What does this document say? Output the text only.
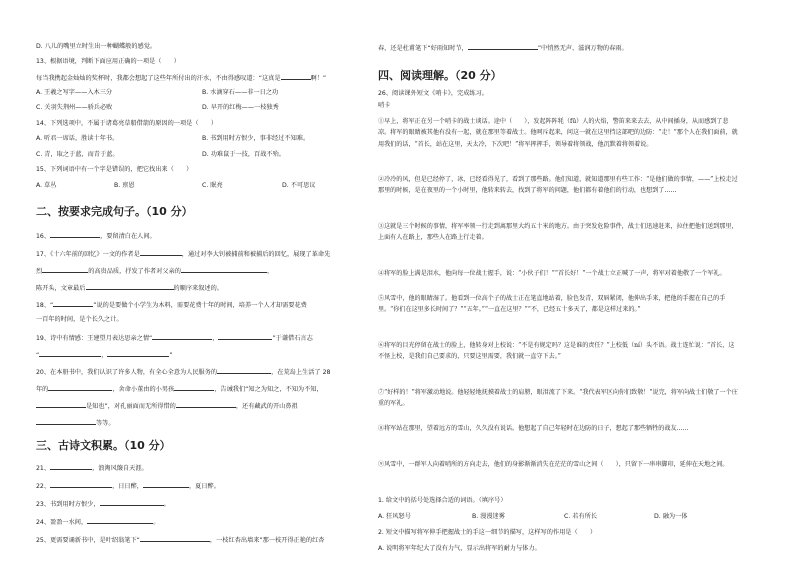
D. 八儿的嘴里立时生出一种蝴蝶般的感觉。
13、根据语境，判断下面应用正确的一项是（　　）
每当我携起金灿灿的奖杯时，我都会想起了这些年所付出的汗水，不由得感叹道：“这真是	啊！”
A. 王羲之写字——入木三分	B. 水滴穿石——非一日之功
C. 关羽失荆州——骄兵必败	D. 早开的红梅——一枝独秀
14、下列选项中，不属于诸葛亮草船借箭的原因的一项是（　　）
A. 听君一席话，胜读十年书。	B. 书到用时方恨少，事非经过不知难。
C. 青，取之于蓝，而青于蓝。	D. 功难鼠于一技，百战不殆。
15、下列词语中有一个字是错误的，把它找出来（　　）
A. 草丛	B. 禀恩	C. 眠亮	D. 不可思议
二、按要求完成句子。（10 分）
16、	，要留清白在人间。
17、《十六年前的回忆》一文的作者是	，通过对李大钊被捕前和被捕后的回忆，展现了革命先
烈	的高贵品质，抒发了作者对父亲的	，
陈开头，文章最后	的顺序来叙述的。
18、“	”说的是要做个小学生为木料，需要花费十年的时间，培养一个人才却需要花费
一百年的时间，是个长久之计。
19、诗中有情感：王建望月表达思亲之情“	，	”于谦借石言志
“	，	”
20、在本册书中，我们认识了许多人物，有全心全意为人民服务的	，在荒岛上生活了 28
年的	，舍命小董由的小男孩	，告诫我们“知之为知之，不知为不知，
是知也”，对孔丽面而无所得惜的	，还有藏武的开山鼻祖
等等。
三、古诗文积累。（10 分）
21、	，浪淘风簸自天涯。
22、	，日日醉，	，夏日醉。
23、书到用时方恨少，	。
24、盈盈一水间，	。
25、更需要诵新书中，是叶绍翁笔下“	，一枝红杏出墙来”那一枝开得正艳的红杏
春，还是杜甫笔下“好雨知时节，	”中悄然无声、滋润万物的春雨。
四、阅读理解。（20 分）
26、阅读课外短文《哨卡》，完成练习。
哨卡
①早上，将军正在另一个哨卡的战士谈话。途中（　　），发起阵阵牦（fū）人的火焰，警笛来来去去，从中间插身，从而感到了悲凉。将军的眼睛被其他有没有一起，就在那里等着战士。他呵斥起来，问这一就在这里挡这部吧的边防：“走！”那个人在我们面前，就用我们的话，“首长，站在这里，天太冷，下次吧！”将军挥挥手，领导着将领战，他沉默着将领着说。
②冷冷的风，但是已经停了，冰，已经看得见了，看到了那些路。他们知道，就知道那里有些工作：“是他们做的事情，——”上校走过那里的时候，是在夜里的一个小时里，他转来转去，找到了将军的问题，他们都有着他们的行动，也想到了……
③这就是三个时候的事情，将军率领一行走到离那里大约五十米的地方。由于突发危险事件，战士们迅速赶来，拉住把他们送到那里，上面有人在路上，那些人在路上行走着。
④将军的脸上满是泪水，他向每一位战士握手，说：“小伙子们！”“首长好！”一个战士立正喊了一声，将军对着他敬了一个军礼。
⑤风雪中，他的眼睛湿了。他看到一位高个子的战士正在笔直地站着，脸色发青，双唇紧闭，他伸出手来，把他的手握在自己的手里。“你们在这里多长时间了？”“五年。”“一直在这里？”“不，已经五十多天了，都是这样过来的。”
⑥将军的目光停留在战士的脸上，他转身对上校说：“不是有规定吗？这是谁的责任？”上校低（ní）头不语。战士连忙说：“首长，这不怪上校，是我们自己要求的，只要这里需要，我们就一直守下去。”
⑦“好样的！”将军激动地说。他轻轻地抚摸着战士的肩膀，眼泪流了下来。“我代表军区向你们致敬！”说完，将军向战士们敬了一个庄重的军礼。
⑧将军站在那里，望着远方的雪山，久久没有说话。他想起了自己年轻时在边防的日子，想起了那些牺牲的战友……
⑨风雪中，一群军人向着哨所的方向走去，他们的身影渐渐消失在茫茫的雪山之间（　　），只留下一串串脚印，延伸在天地之间。
1. 给文中的括号处选择合适的词语。（填序号）
A. 狂风怒号	B. 漫漫迷雾	C. 若有所长	D. 融为一体
2. 短文中描写将军伸手把握战士的手这一细节的描写，这样写的作用是（　　）
A. 说明将军年纪大了没有力气，显示出将军的耐力与体力。
